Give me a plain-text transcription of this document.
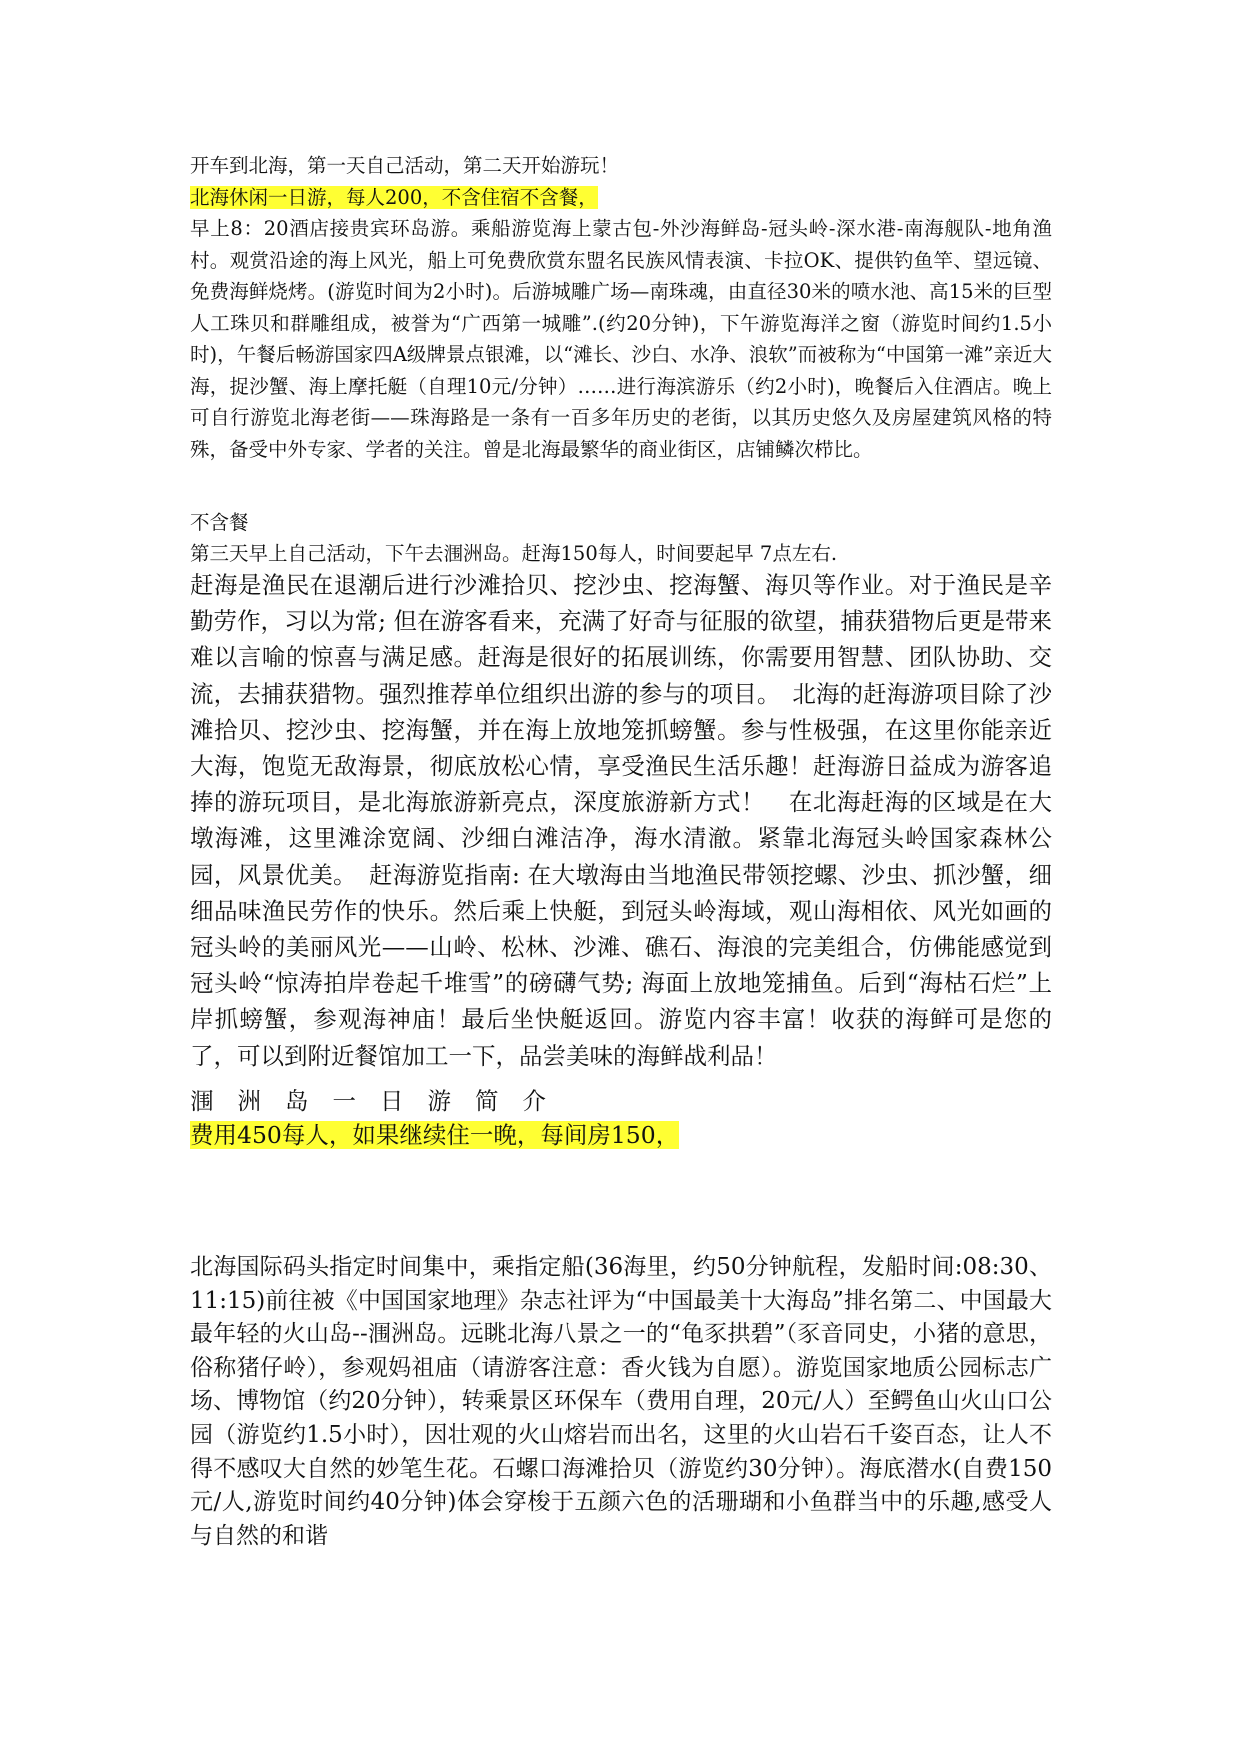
开车到北海，第一天自己活动，第二天开始游玩！

北海休闲一日游，每人200，不含住宿不含餐，

早上8：20酒店接贵宾环岛游。乘船游览海上蒙古包-外沙海鲜岛-冠头岭-深水港-南海舰队-地角渔村。观赏沿途的海上风光，船上可免费欣赏东盟名民族风情表演、卡拉OK、提供钓鱼竿、望远镜、免费海鲜烧烤。(游览时间为2小时)。后游城雕广场—南珠魂，由直径30米的喷水池、高15米的巨型人工珠贝和群雕组成，被誉为“广西第一城雕”.(约20分钟)，下午游览海洋之窗（游览时间约1.5小时)，午餐后畅游国家四A级牌景点银滩，以“滩长、沙白、水净、浪软”而被称为“中国第一滩”亲近大海，捉沙蟹、海上摩托艇（自理10元/分钟）……进行海滨游乐（约2小时)，晚餐后入住酒店。晚上可自行游览北海老街——珠海路是一条有一百多年历史的老街，以其历史悠久及房屋建筑风格的特殊，备受中外专家、学者的关注。曾是北海最繁华的商业街区，店铺鳞次栉比。

不含餐

第三天早上自己活动，下午去涠洲岛。赶海150每人，时间要起早 7点左右.

赶海是渔民在退潮后进行沙滩拾贝、挖沙虫、挖海蟹、海贝等作业。对于渔民是辛勤劳作，习以为常; 但在游客看来，充满了好奇与征服的欲望，捕获猎物后更是带来难以言喻的惊喜与满足感。赶海是很好的拓展训练，你需要用智慧、团队协助、交流，去捕获猎物。强烈推荐单位组织出游的参与的项目。　北海的赶海游项目除了沙滩拾贝、挖沙虫、挖海蟹，并在海上放地笼抓螃蟹。参与性极强，在这里你能亲近大海，饱览无敌海景，彻底放松心情，享受渔民生活乐趣！赶海游日益成为游客追捧的游玩项目，是北海旅游新亮点，深度旅游新方式！　在北海赶海的区域是在大墩海滩，这里滩涂宽阔、沙细白滩洁净，海水清澈。紧靠北海冠头岭国家森林公园，风景优美。　赶海游览指南: 在大墩海由当地渔民带领挖螺、沙虫、抓沙蟹，细细品味渔民劳作的快乐。然后乘上快艇，到冠头岭海域，观山海相依、风光如画的冠头岭的美丽风光——山岭、松林、沙滩、礁石、海浪的完美组合，仿佛能感觉到冠头岭“惊涛拍岸卷起千堆雪”的磅礴气势; 海面上放地笼捕鱼。后到“海枯石烂”上岸抓螃蟹，参观海神庙！最后坐快艇返回。游览内容丰富！收获的海鲜可是您的了，可以到附近餐馆加工一下，品尝美味的海鲜战利品！

涠洲岛一日游简介

费用450每人，如果继续住一晚，每间房150，

北海国际码头指定时间集中，乘指定船(36海里，约50分钟航程，发船时间:08:30、11:15)前往被《中国国家地理》杂志社评为“中国最美十大海岛”排名第二、中国最大最年轻的火山岛--涠洲岛。远眺北海八景之一的“龟豕拱碧”（豕音同史，小猪的意思，俗称猪仔岭），参观妈祖庙（请游客注意：香火钱为自愿）。游览国家地质公园标志广场、博物馆（约20分钟），转乘景区环保车（费用自理，20元/人）至鳄鱼山火山口公园（游览约1.5小时），因壮观的火山熔岩而出名，这里的火山岩石千姿百态，让人不得不感叹大自然的妙笔生花。石螺口海滩拾贝（游览约30分钟）。海底潜水(自费150元/人,游览时间约40分钟)体会穿梭于五颜六色的活珊瑚和小鱼群当中的乐趣,感受人与自然的和谐
